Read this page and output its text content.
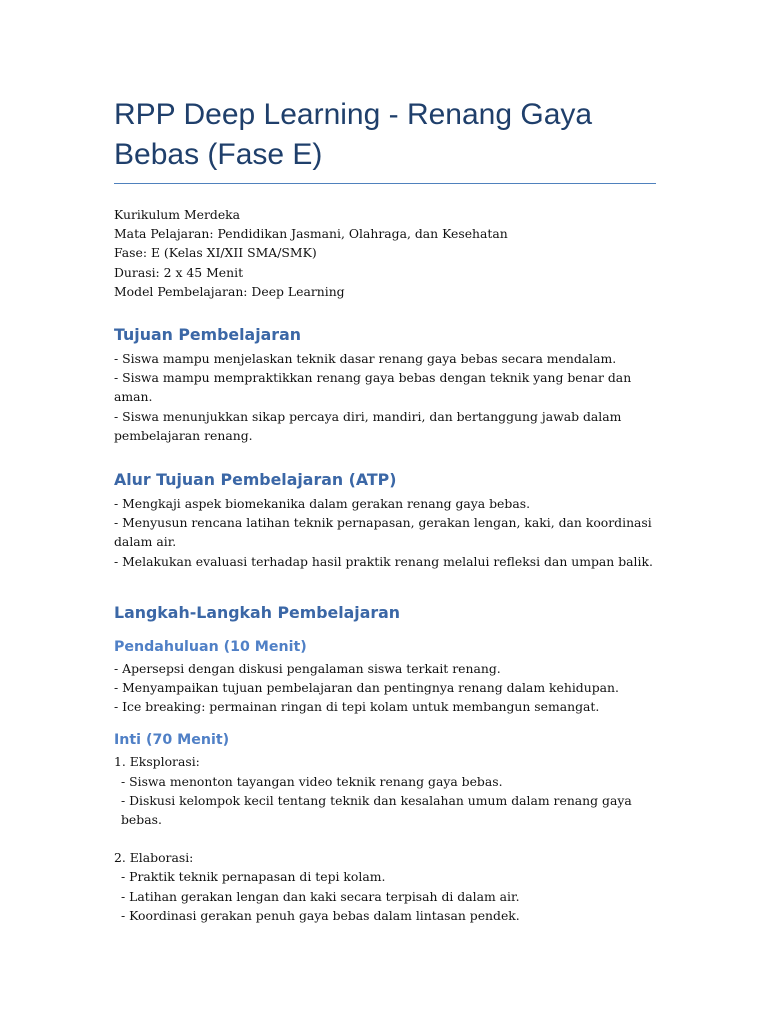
RPP Deep Learning - Renang Gaya Bebas (Fase E)
Kurikulum Merdeka
Mata Pelajaran: Pendidikan Jasmani, Olahraga, dan Kesehatan
Fase: E (Kelas XI/XII SMA/SMK)
Durasi: 2 x 45 Menit
Model Pembelajaran: Deep Learning
Tujuan Pembelajaran
- Siswa mampu menjelaskan teknik dasar renang gaya bebas secara mendalam.
- Siswa mampu mempraktikkan renang gaya bebas dengan teknik yang benar dan aman.
- Siswa menunjukkan sikap percaya diri, mandiri, dan bertanggung jawab dalam pembelajaran renang.
Alur Tujuan Pembelajaran (ATP)
- Mengkaji aspek biomekanika dalam gerakan renang gaya bebas.
- Menyusun rencana latihan teknik pernapasan, gerakan lengan, kaki, dan koordinasi dalam air.
- Melakukan evaluasi terhadap hasil praktik renang melalui refleksi dan umpan balik.
Langkah-Langkah Pembelajaran
Pendahuluan (10 Menit)
- Apersepsi dengan diskusi pengalaman siswa terkait renang.
- Menyampaikan tujuan pembelajaran dan pentingnya renang dalam kehidupan.
- Ice breaking: permainan ringan di tepi kolam untuk membangun semangat.
Inti (70 Menit)
1. Eksplorasi:
- Siswa menonton tayangan video teknik renang gaya bebas.
- Diskusi kelompok kecil tentang teknik dan kesalahan umum dalam renang gaya bebas.
2. Elaborasi:
- Praktik teknik pernapasan di tepi kolam.
- Latihan gerakan lengan dan kaki secara terpisah di dalam air.
- Koordinasi gerakan penuh gaya bebas dalam lintasan pendek.
